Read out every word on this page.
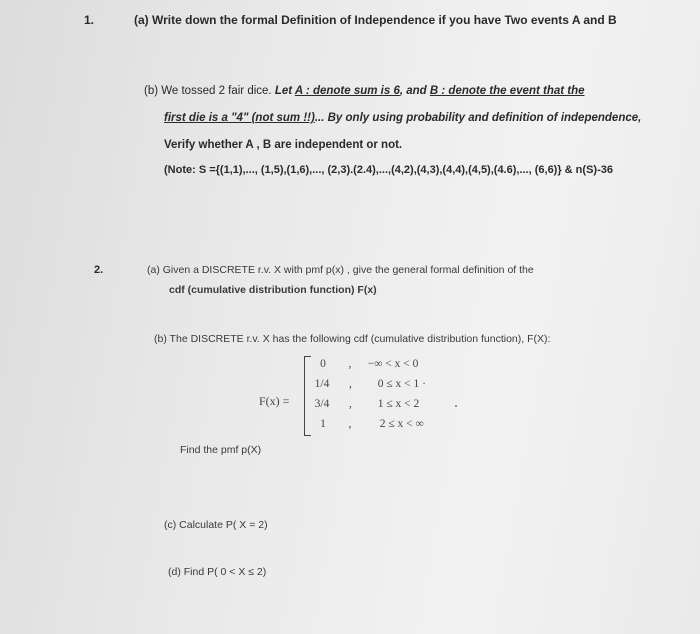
1.	(a) Write down the formal Definition of Independence if you have Two events A and B
(b) We tossed 2 fair dice. Let A : denote sum is 6, and B : denote the event that the
first die is a "4" (not sum !!)... By only using probability and definition of independence,
Verify whether A , B are independent or not.
(Note: S ={(1,1),..., (1,5),(1,6),..., (2,3).(2.4),...,(4,2),(4,3),(4,4),(4,5),(4.6),..., (6,6)} & n(S)-36
2.	(a) Given a DISCRETE r.v. X with pmf p(x) , give the general formal definition of the
cdf (cumulative distribution function) F(x)
(b) The DISCRETE r.v. X has the following cdf (cumulative distribution function), F(X):
F(x) =
0 , −∞ < x < 0
1/4 , 0 ≤ x < 1 ·
3/4 , 1 ≤ x < 2
1 , 2 ≤ x < ∞
Find the pmf p(X)
(c) Calculate P( X = 2)
(d) Find P( 0 < X ≤ 2)
